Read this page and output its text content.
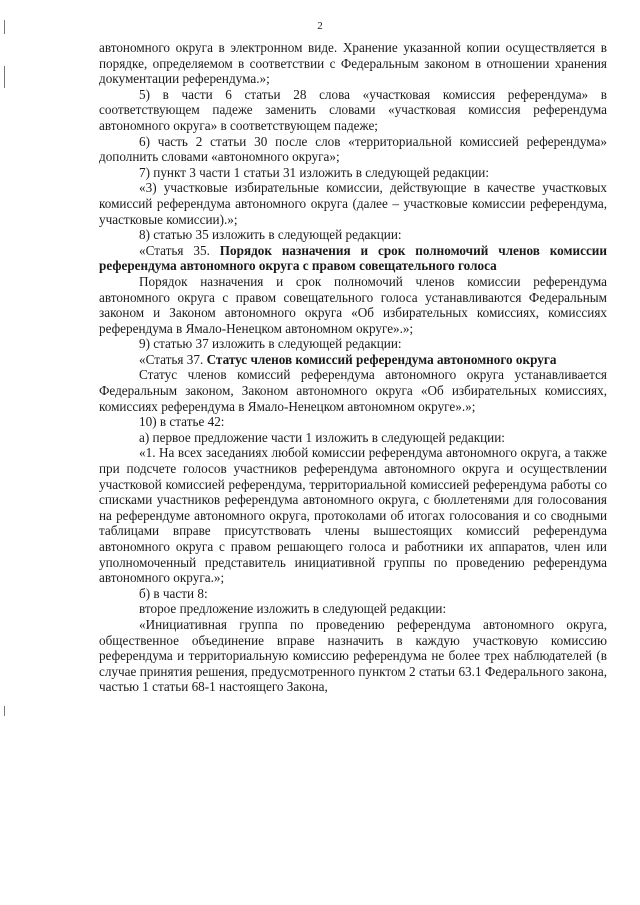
2

автономного округа в электронном виде. Хранение указанной копии осуществляется в порядке, определяемом в соответствии с Федеральным законом в отношении хранения документации референдума.»;

5) в части 6 статьи 28 слова «участковая комиссия референдума» в соответствующем падеже заменить словами «участковая комиссия референдума автономного округа» в соответствующем падеже;

6) часть 2 статьи 30 после слов «территориальной комиссией референдума» дополнить словами «автономного округа»;

7) пункт 3 части 1 статьи 31 изложить в следующей редакции:

«3) участковые избирательные комиссии, действующие в качестве участковых комиссий референдума автономного округа (далее – участковые комиссии референдума, участковые комиссии).»;

8) статью 35 изложить в следующей редакции:

«Статья 35. Порядок назначения и срок полномочий членов комиссии референдума автономного округа с правом совещательного голоса

Порядок назначения и срок полномочий членов комиссии референдума автономного округа с правом совещательного голоса устанавливаются Федеральным законом и Законом автономного округа «Об избирательных комиссиях, комиссиях референдума в Ямало-Ненецком автономном округе».»;

9) статью 37 изложить в следующей редакции:

«Статья 37. Статус членов комиссий референдума автономного округа

Статус членов комиссий референдума автономного округа устанавливается Федеральным законом, Законом автономного округа «Об избирательных комиссиях, комиссиях референдума в Ямало-Ненецком автономном округе».»;

10) в статье 42:

а) первое предложение части 1 изложить в следующей редакции:

«1. На всех заседаниях любой комиссии референдума автономного округа, а также при подсчете голосов участников референдума автономного округа и осуществлении участковой комиссией референдума, территориальной комиссией референдума работы со списками участников референдума автономного округа, с бюллетенями для голосования на референдуме автономного округа, протоколами об итогах голосования и со сводными таблицами вправе присутствовать члены вышестоящих комиссий референдума автономного округа с правом решающего голоса и работники их аппаратов, член или уполномоченный представитель инициативной группы по проведению референдума автономного округа.»;

б) в части 8:

второе предложение изложить в следующей редакции:

«Инициативная группа по проведению референдума автономного округа, общественное объединение вправе назначить в каждую участковую комиссию референдума и территориальную комиссию референдума не более трех наблюдателей (в случае принятия решения, предусмотренного пунктом 2 статьи 63.1 Федерального закона, частью 1 статьи 68-1 настоящего Закона,
